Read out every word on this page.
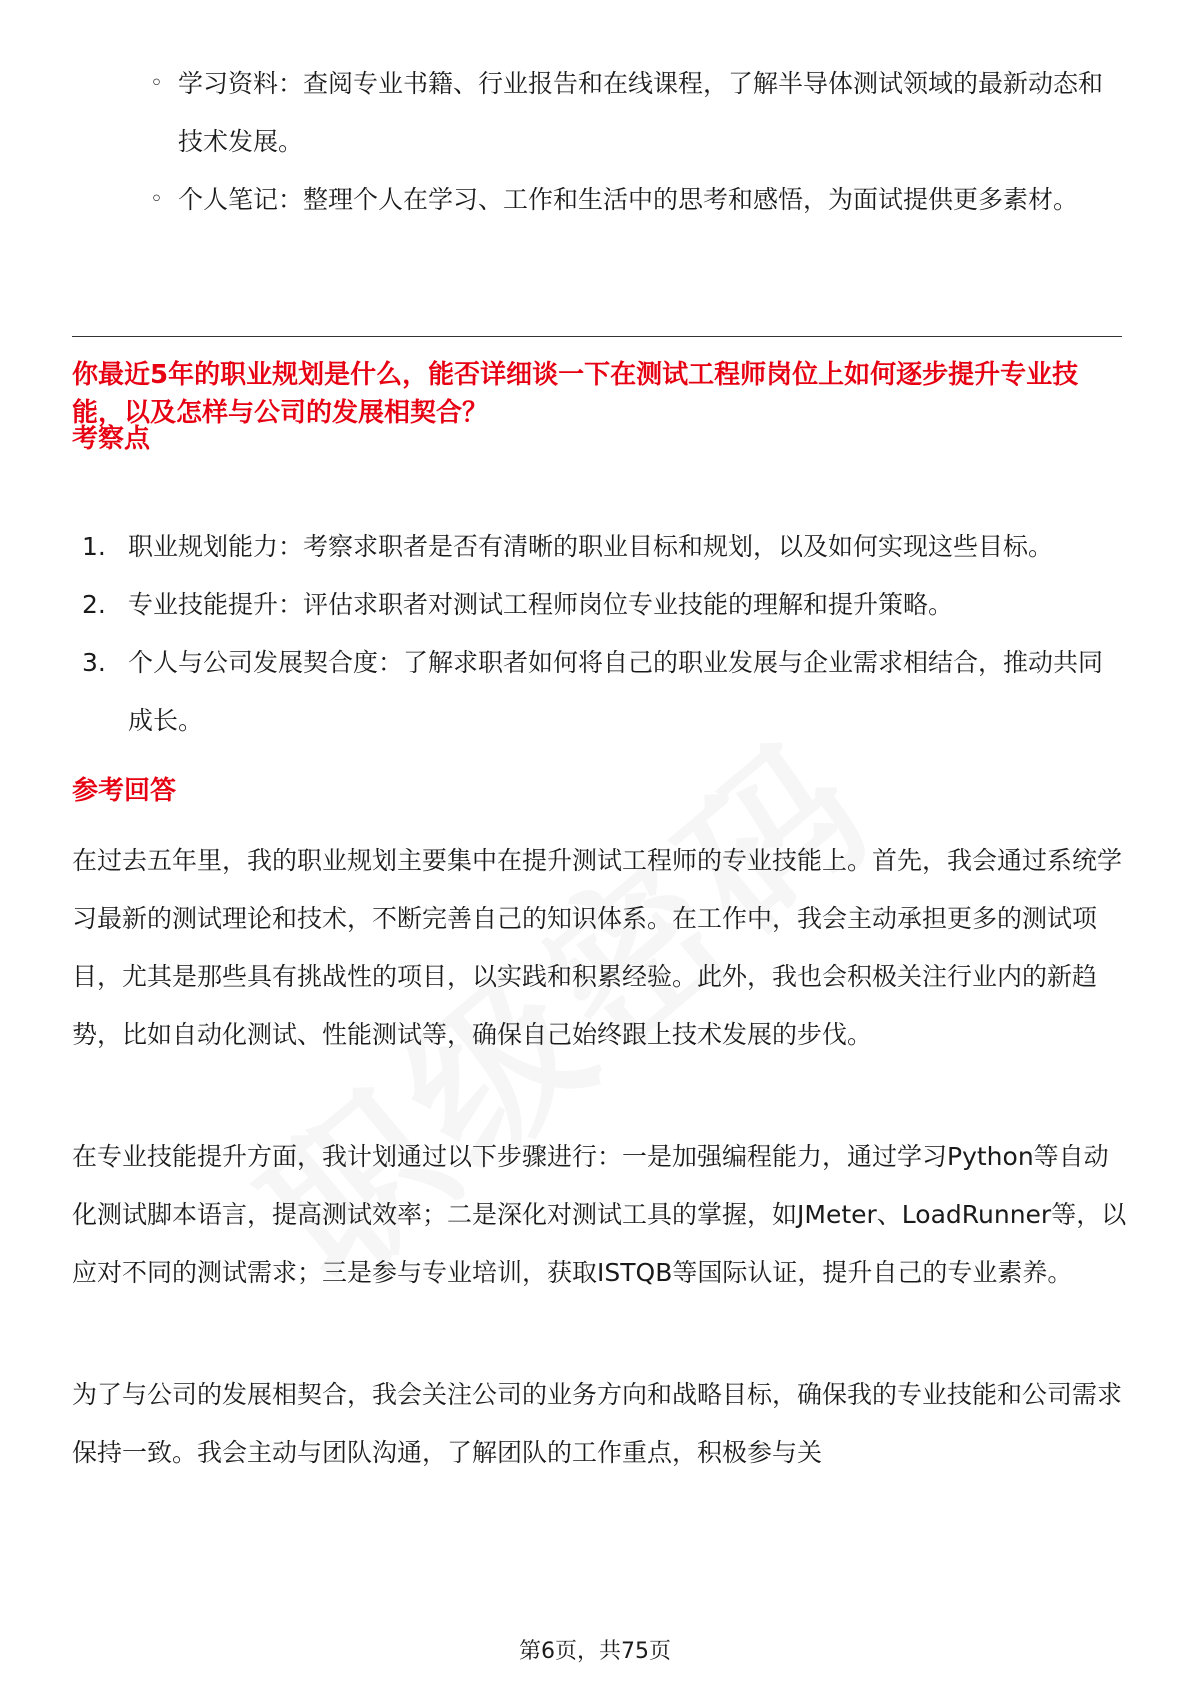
◦ 学习资料：查阅专业书籍、行业报告和在线课程，了解半导体测试领域的最新动态和技术发展。
◦ 个人笔记：整理个人在学习、工作和生活中的思考和感悟，为面试提供更多素材。

你最近5年的职业规划是什么，能否详细谈一下在测试工程师岗位上如何逐步提升专业技能，以及怎样与公司的发展相契合？

考察点
1. 职业规划能力：考察求职者是否有清晰的职业目标和规划，以及如何实现这些目标。
2. 专业技能提升：评估求职者对测试工程师岗位专业技能的理解和提升策略。
3. 个人与公司发展契合度：了解求职者如何将自己的职业发展与企业需求相结合，推动共同成长。
参考回答

在过去五年里，我的职业规划主要集中在提升测试工程师的专业技能上。首先，我会通过系统学习最新的测试理论和技术，不断完善自己的知识体系。在工作中，我会主动承担更多的测试项目，尤其是那些具有挑战性的项目，以实践和积累经验。此外，我也会积极关注行业内的新趋势，比如自动化测试、性能测试等，确保自己始终跟上技术发展的步伐。

在专业技能提升方面，我计划通过以下步骤进行：一是加强编程能力，通过学习Python等自动化测试脚本语言，提高测试效率；二是深化对测试工具的掌握，如JMeter、LoadRunner等，以应对不同的测试需求；三是参与专业培训，获取ISTQB等国际认证，提升自己的专业素养。

为了与公司的发展相契合，我会关注公司的业务方向和战略目标，确保我的专业技能和公司需求保持一致。我会主动与团队沟通，了解团队的工作重点，积极参与关

第6页，共75页
